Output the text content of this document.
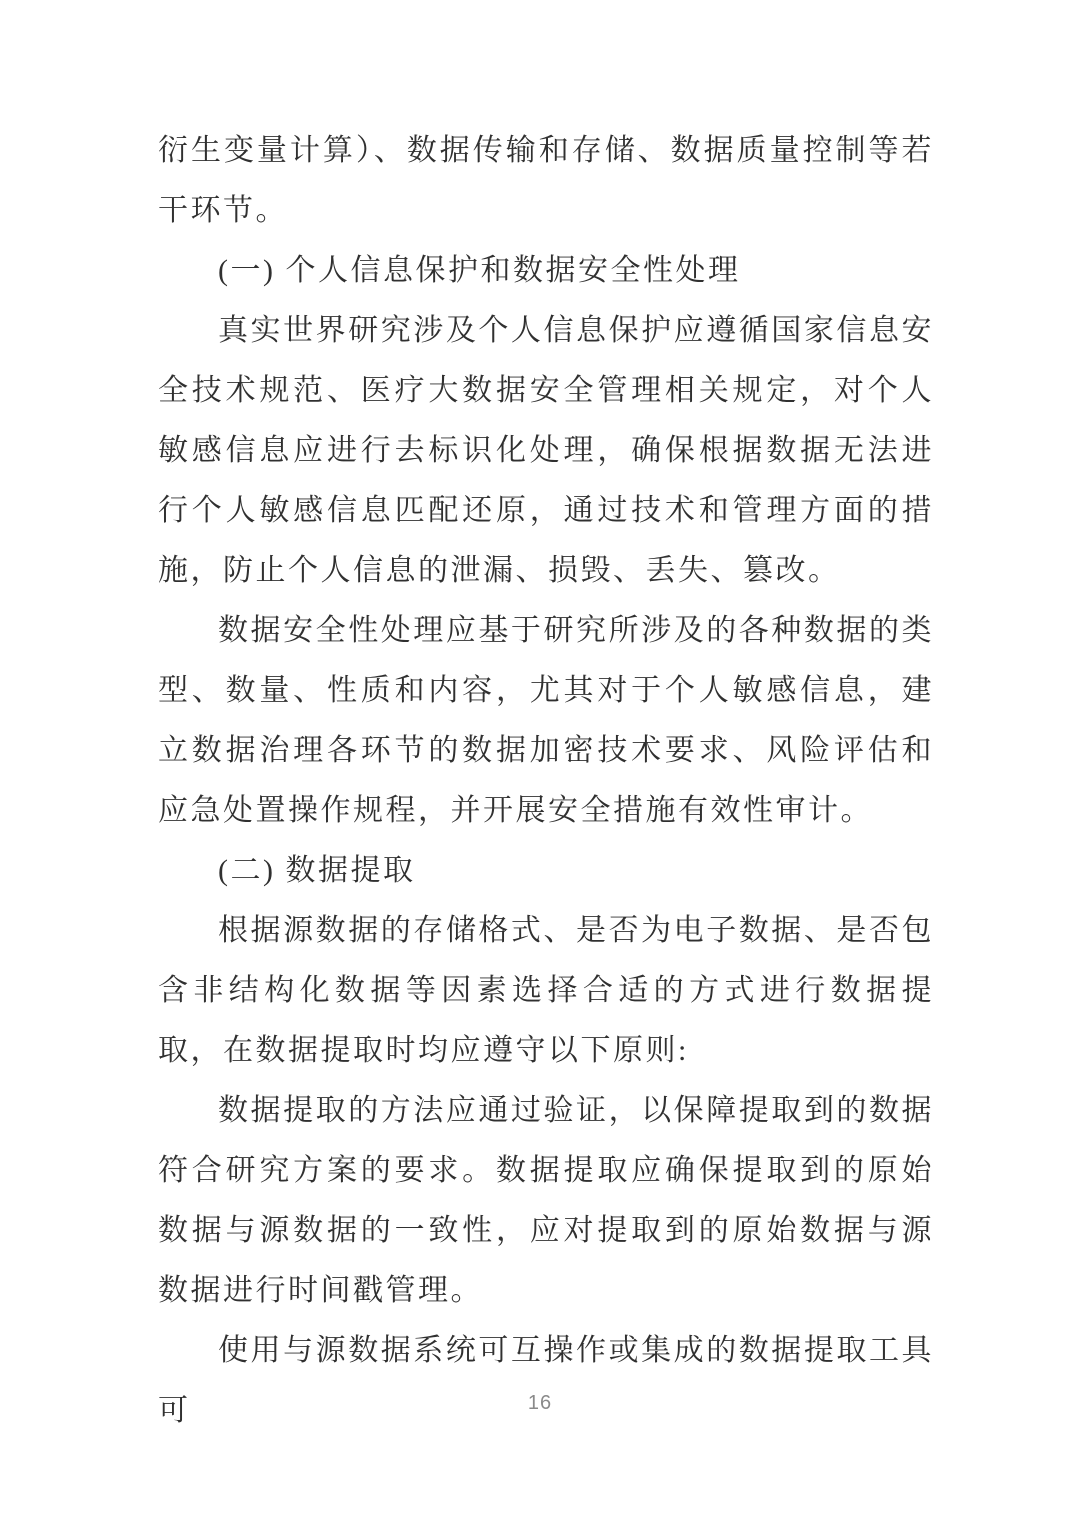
衍生变量计算）、数据传输和存储、数据质量控制等若干环节。

(一) 个人信息保护和数据安全性处理

真实世界研究涉及个人信息保护应遵循国家信息安全技术规范、医疗大数据安全管理相关规定，对个人敏感信息应进行去标识化处理，确保根据数据无法进行个人敏感信息匹配还原，通过技术和管理方面的措施，防止个人信息的泄漏、损毁、丢失、篡改。

数据安全性处理应基于研究所涉及的各种数据的类型、数量、性质和内容，尤其对于个人敏感信息，建立数据治理各环节的数据加密技术要求、风险评估和应急处置操作规程，并开展安全措施有效性审计。

(二) 数据提取

根据源数据的存储格式、是否为电子数据、是否包含非结构化数据等因素选择合适的方式进行数据提取，在数据提取时均应遵守以下原则:

数据提取的方法应通过验证，以保障提取到的数据符合研究方案的要求。数据提取应确保提取到的原始数据与源数据的一致性，应对提取到的原始数据与源数据进行时间戳管理。

使用与源数据系统可互操作或集成的数据提取工具可	16
